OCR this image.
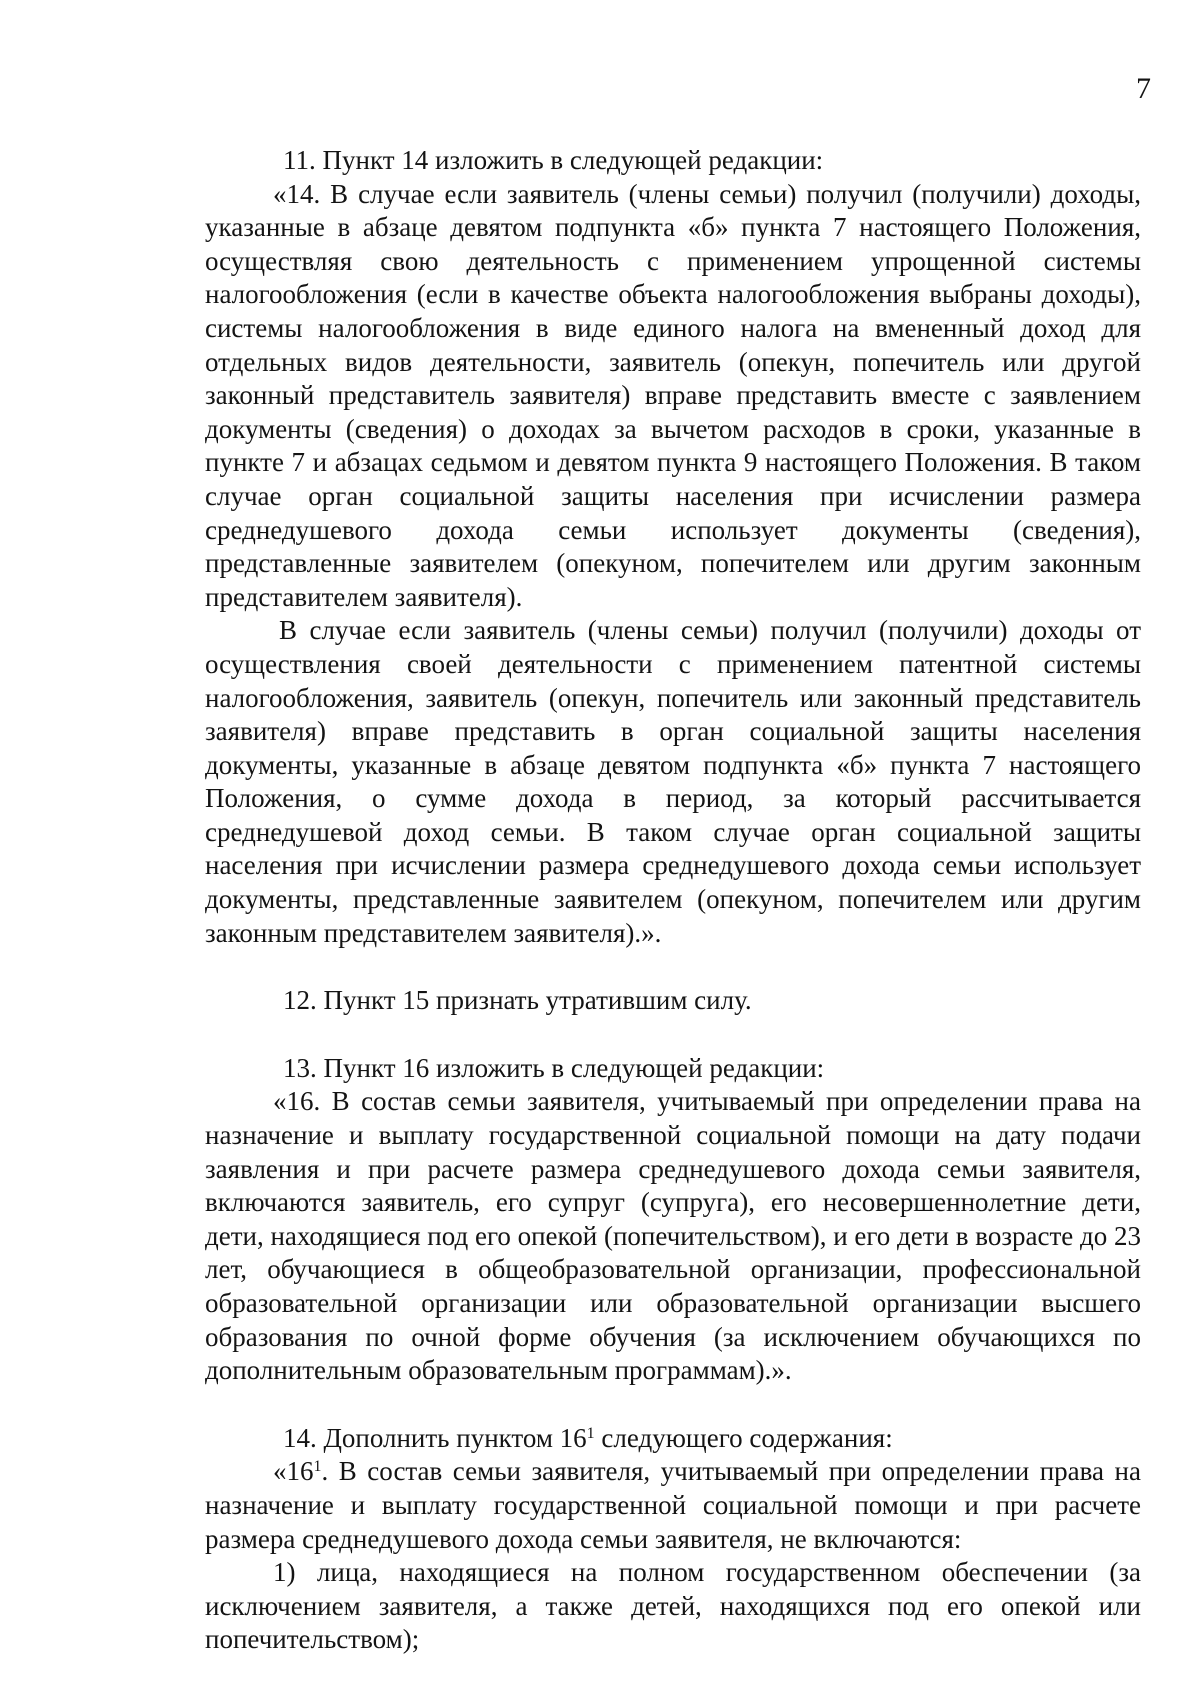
7

11. Пункт 14 изложить в следующей редакции:

«14. В случае если заявитель (члены семьи) получил (получили) доходы, указанные в абзаце девятом подпункта «б» пункта 7 настоящего Положения, осуществляя свою деятельность с применением упрощенной системы налогообложения (если в качестве объекта налогообложения выбраны доходы), системы налогообложения в виде единого налога на вмененный доход для отдельных видов деятельности, заявитель (опекун, попечитель или другой законный представитель заявителя) вправе представить вместе с заявлением документы (сведения) о доходах за вычетом расходов в сроки, указанные в пункте 7 и абзацах седьмом и девятом пункта 9 настоящего Положения. В таком случае орган социальной защиты населения при исчислении размера среднедушевого дохода семьи использует документы (сведения), представленные заявителем (опекуном, попечителем или другим законным представителем заявителя).

В случае если заявитель (члены семьи) получил (получили) доходы от осуществления своей деятельности с применением патентной системы налогообложения, заявитель (опекун, попечитель или законный представитель заявителя) вправе представить в орган социальной защиты населения документы, указанные в абзаце девятом подпункта «б» пункта 7 настоящего Положения, о сумме дохода в период, за который рассчитывается среднедушевой доход семьи. В таком случае орган социальной защиты населения при исчислении размера среднедушевого дохода семьи использует документы, представленные заявителем (опекуном, попечителем или другим законным представителем заявителя).».

12. Пункт 15 признать утратившим силу.

13. Пункт 16 изложить в следующей редакции:

«16. В состав семьи заявителя, учитываемый при определении права на назначение и выплату государственной социальной помощи на дату подачи заявления и при расчете размера среднедушевого дохода семьи заявителя, включаются заявитель, его супруг (супруга), его несовершеннолетние дети, дети, находящиеся под его опекой (попечительством), и его дети в возрасте до 23 лет, обучающиеся в общеобразовательной организации, профессиональной образовательной организации или образовательной организации высшего образования по очной форме обучения (за исключением обучающихся по дополнительным образовательным программам).».

14. Дополнить пунктом $16^1$ следующего содержания:

«$16^1$. В состав семьи заявителя, учитываемый при определении права на назначение и выплату государственной социальной помощи и при расчете размера среднедушевого дохода семьи заявителя, не включаются:

1) лица, находящиеся на полном государственном обеспечении (за исключением заявителя, а также детей, находящихся под его опекой или попечительством);
